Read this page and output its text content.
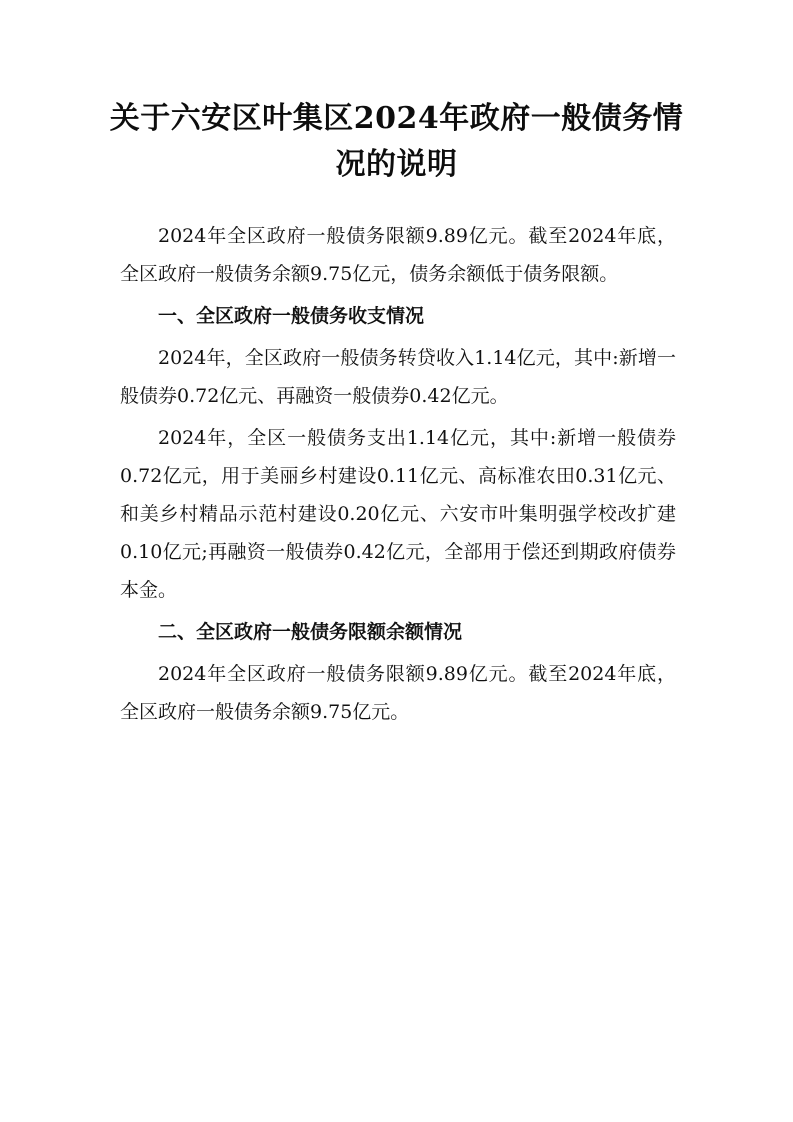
关于六安区叶集区2024年政府一般债务情况的说明

2024年全区政府一般债务限额9.89亿元。截至2024年底，全区政府一般债务余额9.75亿元，债务余额低于债务限额。

一、全区政府一般债务收支情况

2024年，全区政府一般债务转贷收入1.14亿元，其中:新增一般债券0.72亿元、再融资一般债券0.42亿元。

2024年，全区一般债务支出1.14亿元，其中:新增一般债券0.72亿元，用于美丽乡村建设0.11亿元、高标准农田0.31亿元、和美乡村精品示范村建设0.20亿元、六安市叶集明强学校改扩建0.10亿元;再融资一般债券0.42亿元，全部用于偿还到期政府债券本金。

二、全区政府一般债务限额余额情况

2024年全区政府一般债务限额9.89亿元。截至2024年底，全区政府一般债务余额9.75亿元。
